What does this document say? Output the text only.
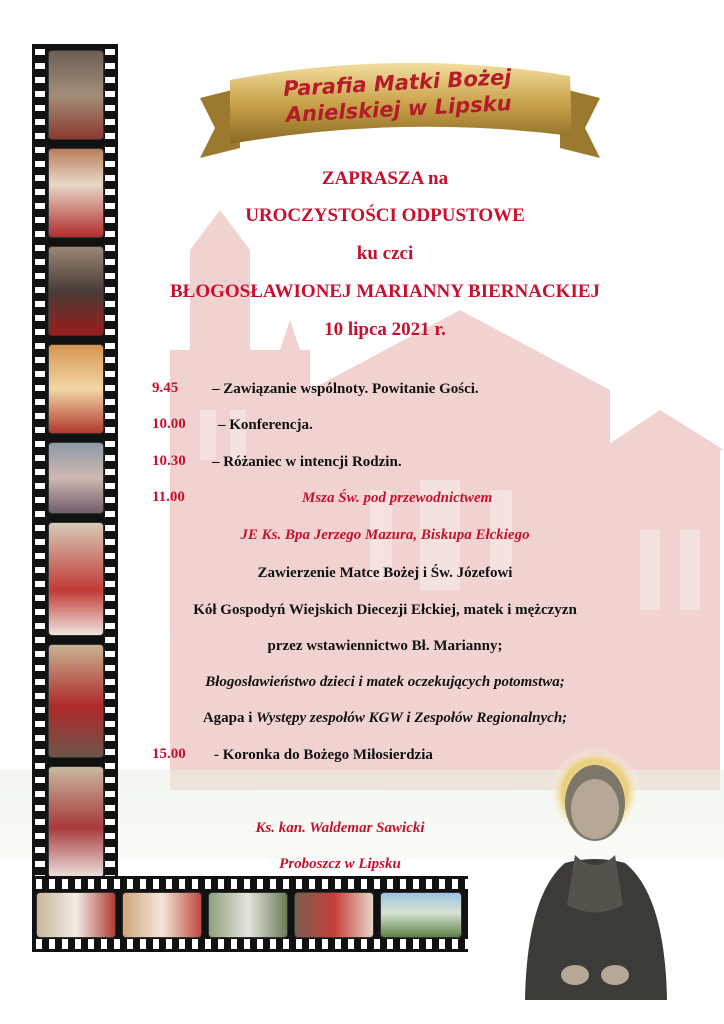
Parafia Matki Bożej
Anielskiej w Lipsku
ZAPRASZA na
UROCZYSTOŚCI ODPUSTOWE
ku czci
BŁOGOSŁAWIONEJ MARIANNY BIERNACKIEJ
10 lipca 2021 r.
9.45 – Zawiązanie wspólnoty. Powitanie Gości.
10.00 – Konferencja.
10.30 – Różaniec w intencji Rodzin.
11.00	Msza Św. pod przewodnictwem
JE Ks. Bpa Jerzego Mazura, Biskupa Ełckiego
Zawierzenie Matce Bożej i Św. Józefowi
Kół Gospodyń Wiejskich Diecezji Ełckiej, matek i mężczyzn
przez wstawiennictwo Bł. Marianny;
Błogosławieństwo dzieci i matek oczekujących potomstwa;
Agapa i Występy zespołów KGW i Zespołów Regionalnych;
15.00 - Koronka do Bożego Miłosierdzia
Ks. kan. Waldemar Sawicki
Proboszcz w Lipsku
